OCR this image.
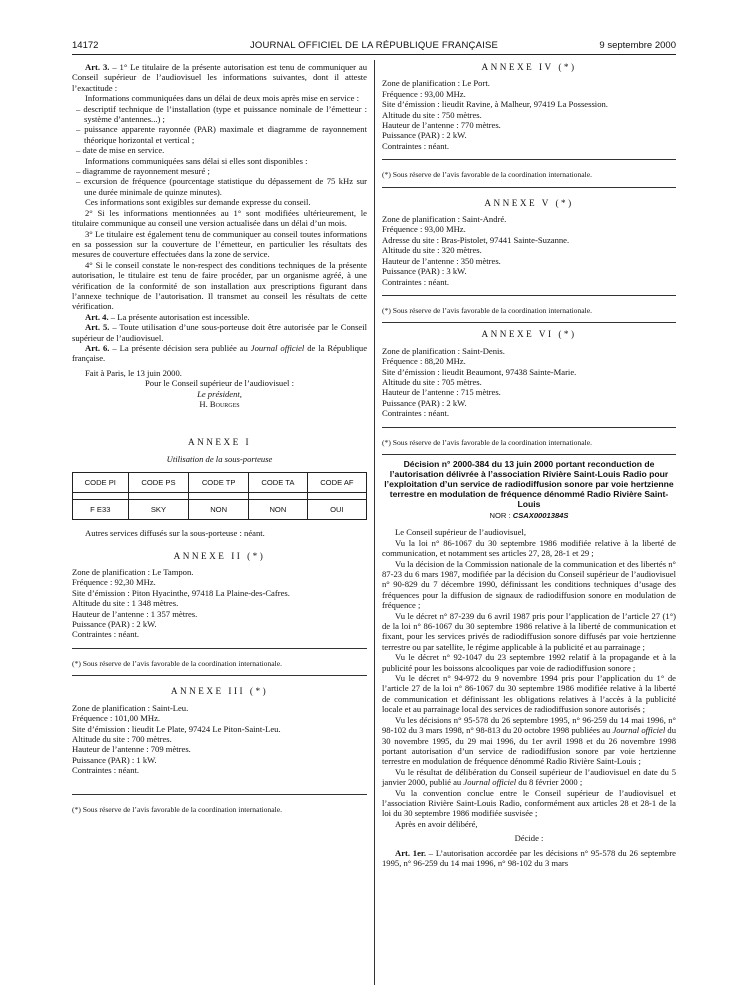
14172	JOURNAL OFFICIEL DE LA RÉPUBLIQUE FRANÇAISE	9 septembre 2000

Art. 3. – 1° Le titulaire de la présente autorisation est tenu de communiquer au Conseil supérieur de l’audiovisuel les informations suivantes, dont il atteste l’exactitude :

Informations communiquées dans un délai de deux mois après mise en service :

– descriptif technique de l’installation (type et puissance nominale de l’émetteur : système d’antennes...) ;

– puissance apparente rayonnée (PAR) maximale et diagramme de rayonnement théorique horizontal et vertical ;

– date de mise en service.

Informations communiquées sans délai si elles sont disponibles :

– diagramme de rayonnement mesuré ;

– excursion de fréquence (pourcentage statistique du dépassement de 75 kHz sur une durée minimale de quinze minutes).

Ces informations sont exigibles sur demande expresse du conseil.

2° Si les informations mentionnées au 1° sont modifiées ultérieurement, le titulaire communique au conseil une version actualisée dans un délai d’un mois.

3° Le titulaire est également tenu de communiquer au conseil toutes informations en sa possession sur la couverture de l’émetteur, en particulier les résultats des mesures de couverture effectuées dans la zone de service.

4° Si le conseil constate le non-respect des conditions techniques de la présente autorisation, le titulaire est tenu de faire procéder, par un organisme agréé, à une vérification de la conformité de son installation aux prescriptions figurant dans l’annexe technique de l’autorisation. Il transmet au conseil les résultats de cette vérification.

Art. 4. – La présente autorisation est incessible.

Art. 5. – Toute utilisation d’une sous-porteuse doit être autorisée par le Conseil supérieur de l’audiovisuel.

Art. 6. – La présente décision sera publiée au Journal officiel de la République française.

Fait à Paris, le 13 juin 2000.

Pour le Conseil supérieur de l’audiovisuel :

Le président,

H. Bourges

ANNEXE I

Utilisation de la sous-porteuse

CODE PI	CODE PS	CODE TP	CODE TA	CODE AF

F E33	SKY	NON	NON	OUI

Autres services diffusés sur la sous-porteuse : néant.

ANNEXE II (*)

Zone de planification : Le Tampon.

Fréquence : 92,30 MHz.

Site d’émission : Piton Hyacinthe, 97418 La Plaine-des-Cafres.

Altitude du site : 1 348 mètres.

Hauteur de l’antenne : 1 357 mètres.

Puissance (PAR) : 2 kW.

Contraintes : néant.

(*) Sous réserve de l’avis favorable de la coordination internationale.

ANNEXE III (*)

Zone de planification : Saint-Leu.

Fréquence : 101,00 MHz.

Site d’émission : lieudit Le Plate, 97424 Le Piton-Saint-Leu.

Altitude du site : 700 mètres.

Hauteur de l’antenne : 709 mètres.

Puissance (PAR) : 1 kW.

Contraintes : néant.

(*) Sous réserve de l’avis favorable de la coordination internationale.

ANNEXE IV (*)

Zone de planification : Le Port.

Fréquence : 93,00 MHz.

Site d’émission : lieudit Ravine, à Malheur, 97419 La Possession.

Altitude du site : 750 mètres.

Hauteur de l’antenne : 770 mètres.

Puissance (PAR) : 2 kW.

Contraintes : néant.

(*) Sous réserve de l’avis favorable de la coordination internationale.

ANNEXE V (*)

Zone de planification : Saint-André.

Fréquence : 93,00 MHz.

Adresse du site : Bras-Pistolet, 97441 Sainte-Suzanne.

Altitude du site : 320 mètres.

Hauteur de l’antenne : 350 mètres.

Puissance (PAR) : 3 kW.

Contraintes : néant.

(*) Sous réserve de l’avis favorable de la coordination internationale.

ANNEXE VI (*)

Zone de planification : Saint-Denis.

Fréquence : 88,20 MHz.

Site d’émission : lieudit Beaumont, 97438 Sainte-Marie.

Altitude du site : 705 mètres.

Hauteur de l’antenne : 715 mètres.

Puissance (PAR) : 2 kW.

Contraintes : néant.

(*) Sous réserve de l’avis favorable de la coordination internationale.

Décision n° 2000-384 du 13 juin 2000 portant reconduction de l’autorisation délivrée à l’association Rivière Saint-Louis Radio pour l’exploitation d’un service de radiodiffusion sonore par voie hertzienne terrestre en modulation de fréquence dénommé Radio Rivière Saint-Louis

NOR : CSAX0001384S

Le Conseil supérieur de l’audiovisuel,

Vu la loi n° 86-1067 du 30 septembre 1986 modifiée relative à la liberté de communication, et notamment ses articles 27, 28, 28-1 et 29 ;

Vu la décision de la Commission nationale de la communication et des libertés n° 87-23 du 6 mars 1987, modifiée par la décision du Conseil supérieur de l’audiovisuel n° 90-829 du 7 décembre 1990, définissant les conditions techniques d’usage des fréquences pour la diffusion de signaux de radiodiffusion sonore en modulation de fréquence ;

Vu le décret n° 87-239 du 6 avril 1987 pris pour l’application de l’article 27 (1°) de la loi n° 86-1067 du 30 septembre 1986 relative à la liberté de communication et fixant, pour les services privés de radiodiffusion sonore diffusés par voie hertzienne terrestre ou par satellite, le régime applicable à la publicité et au parrainage ;

Vu le décret n° 92-1047 du 23 septembre 1992 relatif à la propagande et à la publicité pour les boissons alcooliques par voie de radiodiffusion sonore ;

Vu le décret n° 94-972 du 9 novembre 1994 pris pour l’application du 1° de l’article 27 de la loi n° 86-1067 du 30 septembre 1986 modifiée relative à la liberté de communication et définissant les obligations relatives à l’accès à la publicité locale et au parrainage local des services de radiodiffusion sonore autorisés ;

Vu les décisions n° 95-578 du 26 septembre 1995, n° 96-259 du 14 mai 1996, n° 98-102 du 3 mars 1998, n° 98-813 du 20 octobre 1998 publiées au Journal officiel du 30 novembre 1995, du 29 mai 1996, du 1er avril 1998 et du 26 novembre 1998 portant autorisation d’un service de radiodiffusion sonore par voie hertzienne terrestre en modulation de fréquence dénommé Radio Rivière Saint-Louis ;

Vu le résultat de délibération du Conseil supérieur de l’audiovisuel en date du 5 janvier 2000, publié au Journal officiel du 8 février 2000 ;

Vu la convention conclue entre le Conseil supérieur de l’audiovisuel et l’association Rivière Saint-Louis Radio, conformément aux articles 28 et 28-1 de la loi du 30 septembre 1986 modifiée susvisée ;

Après en avoir délibéré,

Décide :

Art. 1er. – L’autorisation accordée par les décisions n° 95-578 du 26 septembre 1995, n° 96-259 du 14 mai 1996, n° 98-102 du 3 mars
